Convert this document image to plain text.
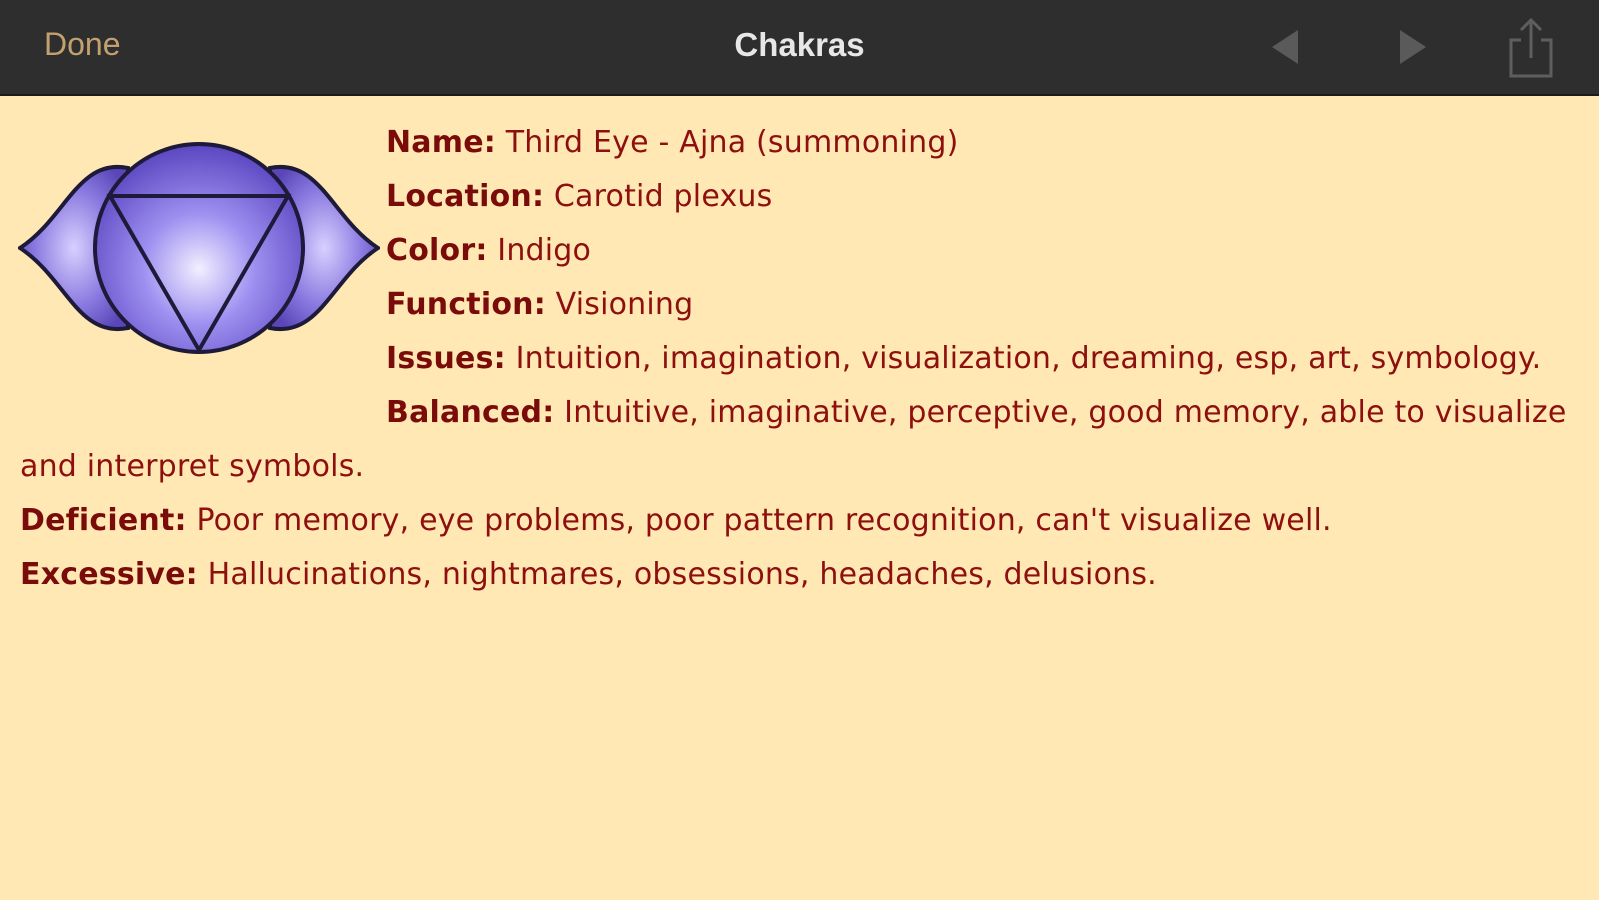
Done	Chakras
Name: Third Eye - Ajna (summoning)
Location: Carotid plexus
Color: Indigo
Function: Visioning
Issues: Intuition, imagination, visualization, dreaming, esp, art, symbology.
Balanced: Intuitive, imaginative, perceptive, good memory, able to visualize and interpret symbols.
Deficient: Poor memory, eye problems, poor pattern recognition, can't visualize well.
Excessive: Hallucinations, nightmares, obsessions, headaches, delusions.
